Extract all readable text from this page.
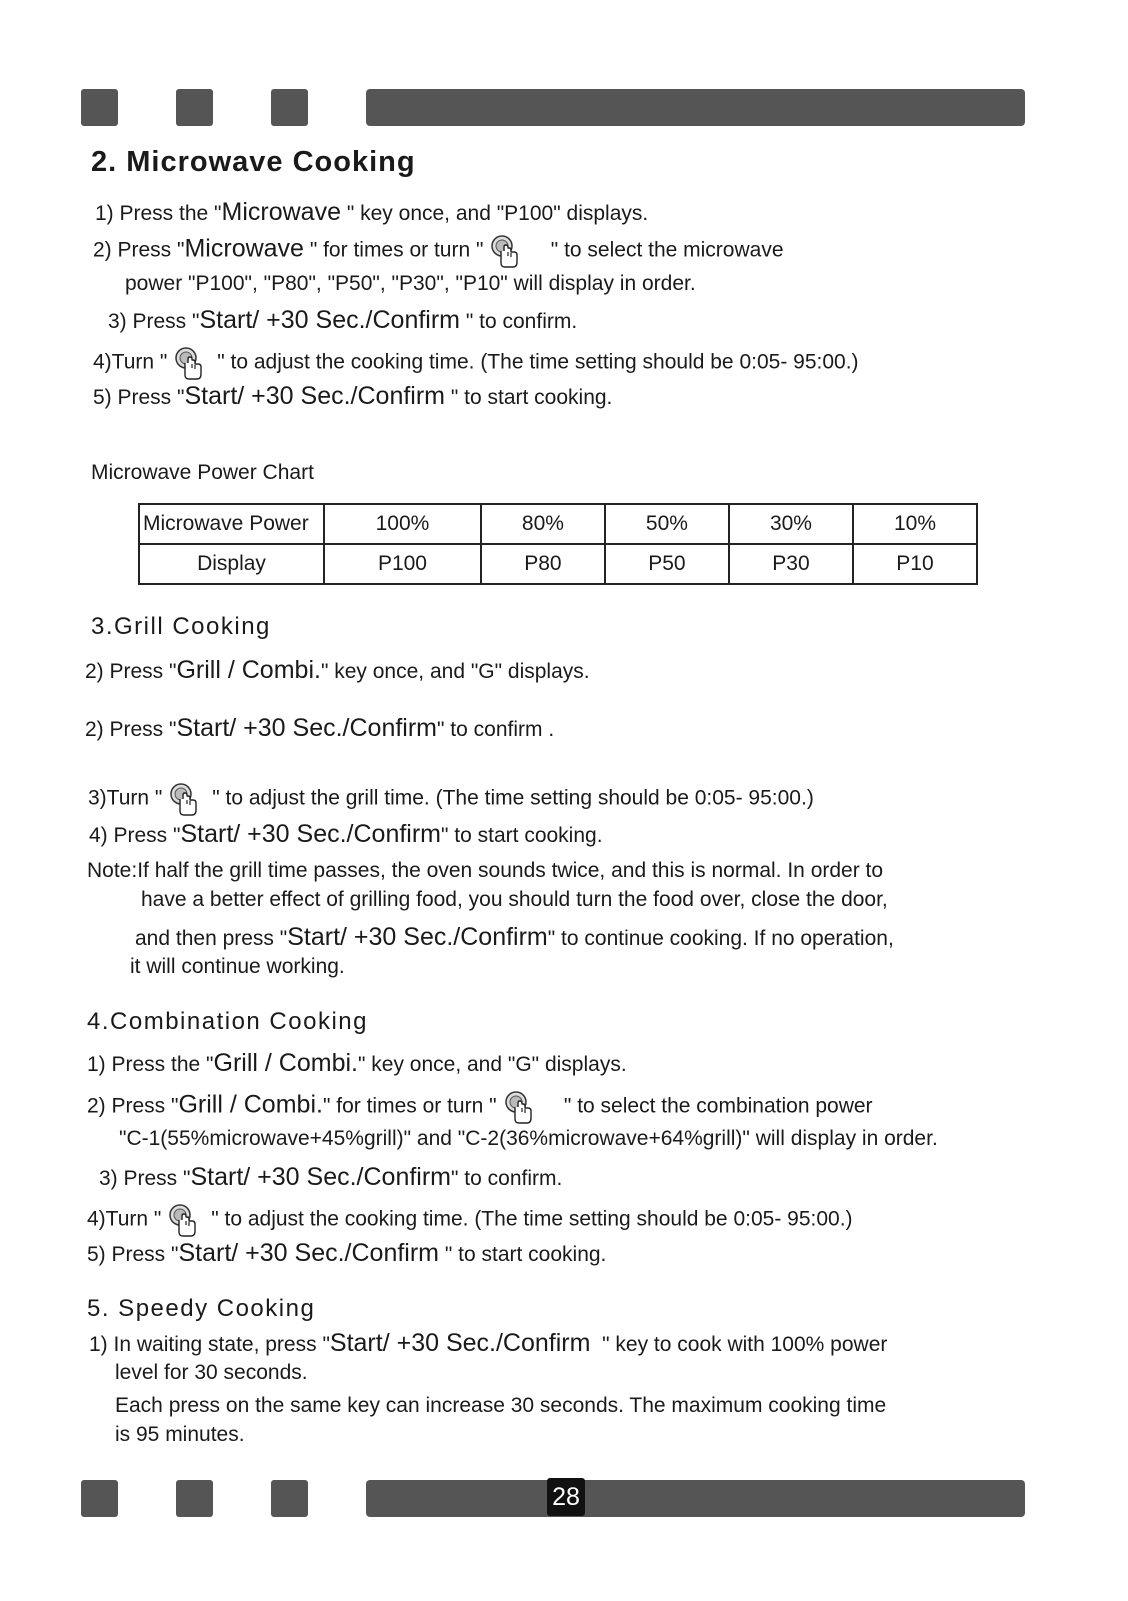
2. Microwave Cooking
1) Press the "Microwave " key once, and "P100" displays.
2) Press "Microwave " for times or turn "	" to select the microwave
power "P100", "P80", "P50", "P30", "P10" will display in order.
3) Press "Start/ +30 Sec./Confirm " to confirm.
4)Turn " " to adjust the cooking time. (The time setting should be 0:05- 95:00.)
5) Press "Start/ +30 Sec./Confirm " to start cooking.
Microwave Power Chart
Microwave Power	100%	80%	50%	30%	10%
Display	P100	P80	P50	P30	P10
3.Grill Cooking
2) Press "Grill / Combi." key once, and "G" displays.
2) Press "Start/ +30 Sec./Confirm" to confirm .
3)Turn " " to adjust the grill time. (The time setting should be 0:05- 95:00.)
4) Press "Start/ +30 Sec./Confirm" to start cooking.
Note:If half the grill time passes, the oven sounds twice, and this is normal. In order to
have a better effect of grilling food, you should turn the food over, close the door,
and then press "Start/ +30 Sec./Confirm" to continue cooking. If no operation,
it will continue working.
4.Combination Cooking
1) Press the "Grill / Combi." key once, and "G" displays.
2) Press "Grill / Combi." for times or turn "	" to select the combination power
"C-1(55%microwave+45%grill)" and "C-2(36%microwave+64%grill)" will display in order.
3) Press "Start/ +30 Sec./Confirm" to confirm.
4)Turn " " to adjust the cooking time. (The time setting should be 0:05- 95:00.)
5) Press "Start/ +30 Sec./Confirm " to start cooking.
5. Speedy Cooking
1) In waiting state, press "Start/ +30 Sec./Confirm " key to cook with 100% power
level for 30 seconds.
Each press on the same key can increase 30 seconds. The maximum cooking time
is 95 minutes.
28
